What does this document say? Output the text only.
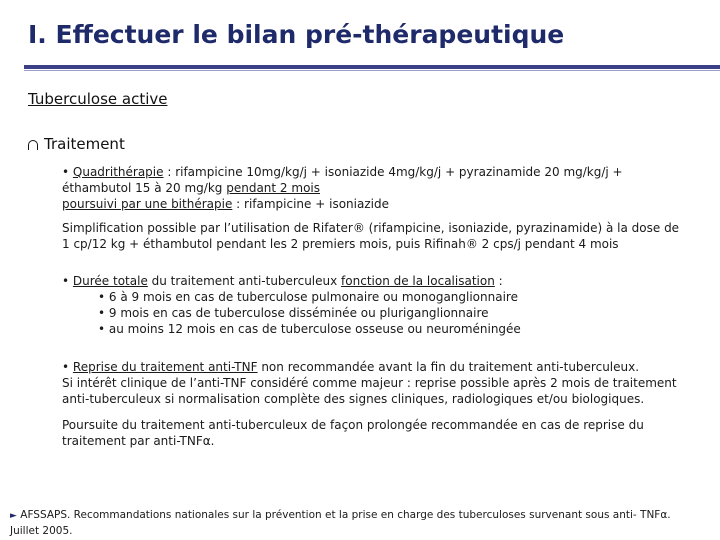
I. Effectuer le bilan pré-thérapeutique
Tuberculose active
Traitement
• Quadrithérapie : rifampicine 10mg/kg/j + isoniazide 4mg/kg/j + pyrazinamide 20 mg/kg/j +
éthambutol 15 à 20 mg/kg pendant 2 mois
poursuivi par une bithérapie : rifampicine + isoniazide
Simplification possible par l’utilisation de Rifater® (rifampicine, isoniazide, pyrazinamide) à la dose de
1 cp/12 kg + éthambutol pendant les 2 premiers mois, puis Rifinah® 2 cps/j pendant 4 mois
• Durée totale du traitement anti-tuberculeux fonction de la localisation :
• 6 à 9 mois en cas de tuberculose pulmonaire ou monoganglionnaire
• 9 mois en cas de tuberculose disséminée ou pluriganglionnaire
• au moins 12 mois en cas de tuberculose osseuse ou neuroméningée
• Reprise du traitement anti-TNF non recommandée avant la fin du traitement anti-tuberculeux.
Si intérêt clinique de l’anti-TNF considéré comme majeur : reprise possible après 2 mois de traitement
anti-tuberculeux si normalisation complète des signes cliniques, radiologiques et/ou biologiques.
Poursuite du traitement anti-tuberculeux de façon prolongée recommandée en cas de reprise du
traitement par anti-TNFα.
► AFSSAPS. Recommandations nationales sur la prévention et la prise en charge des tuberculoses survenant sous anti- TNFα.
Juillet 2005.
